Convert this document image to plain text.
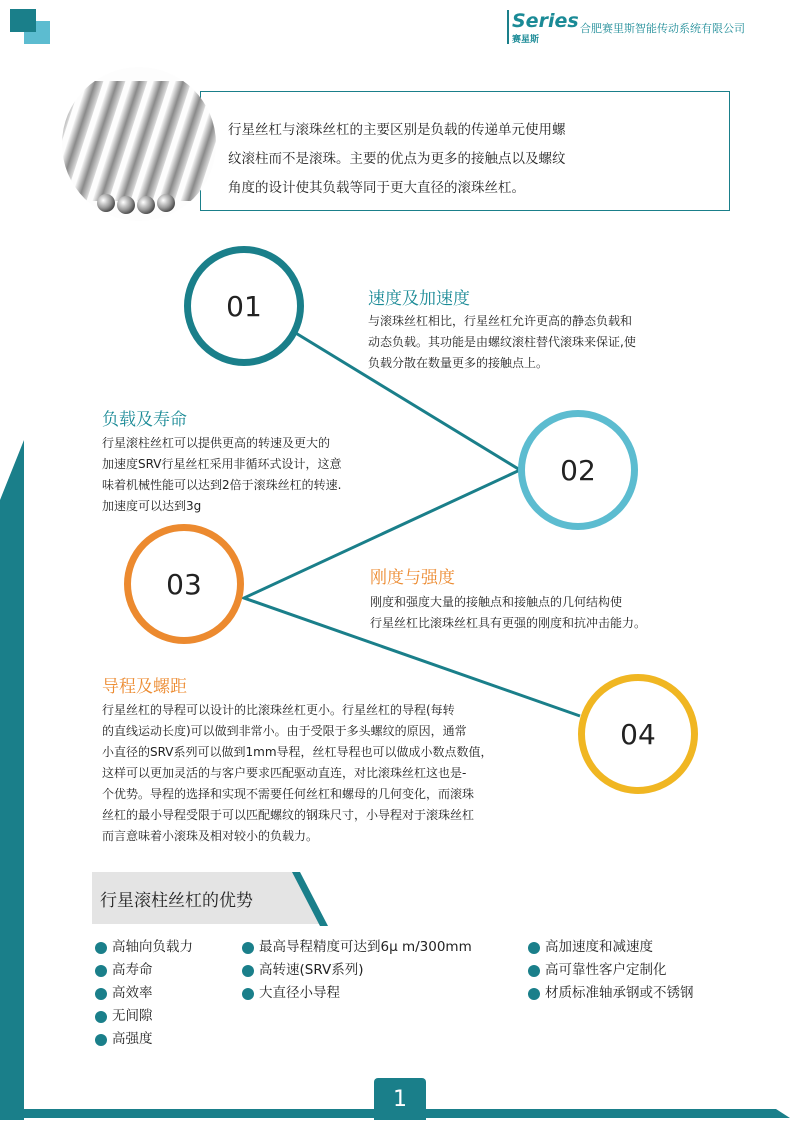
Series
赛星斯
合肥赛里斯智能传动系统有限公司
行星丝杠与滚珠丝杠的主要区别是负载的传递单元使用螺
纹滚柱而不是滚珠。主要的优点为更多的接触点以及螺纹
角度的设计使其负载等同于更大直径的滚珠丝杠。
01
02
03
04
速度及加速度
与滚珠丝杠相比，行星丝杠允许更高的静态负载和
动态负载。其功能是由螺纹滚柱替代滚珠来保证,使
负载分散在数量更多的接触点上。
负载及寿命
行星滚柱丝杠可以提供更高的转速及更大的
加速度SRV行星丝杠采用非循环式设计，这意
味着机械性能可以达到2倍于滚珠丝杠的转速.
加速度可以达到3g
刚度与强度
刚度和强度大量的接触点和接触点的几何结构使
行星丝杠比滚珠丝杠具有更强的刚度和抗冲击能力。
导程及螺距
行星丝杠的导程可以设计的比滚珠丝杠更小。行星丝杠的导程(每转
的直线运动长度)可以做到非常小。由于受限于多头螺纹的原因，通常
小直径的SRV系列可以做到1mm导程，丝杠导程也可以做成小数点数值，
这样可以更加灵活的与客户要求匹配驱动直连，对比滚珠丝杠这也是-
个优势。导程的选择和实现不需要任何丝杠和螺母的几何变化，而滚珠
丝杠的最小导程受限于可以匹配螺纹的钢珠尺寸，小导程对于滚珠丝杠
而言意味着小滚珠及相对较小的负载力。
行星滚柱丝杠的优势
高轴向负载力
高寿命
高效率
无间隙
高强度
最高导程精度可达到6μ m/300mm
高转速(SRV系列)
大直径小导程
高加速度和减速度
高可靠性客户定制化
材质标准轴承钢或不锈钢
1
